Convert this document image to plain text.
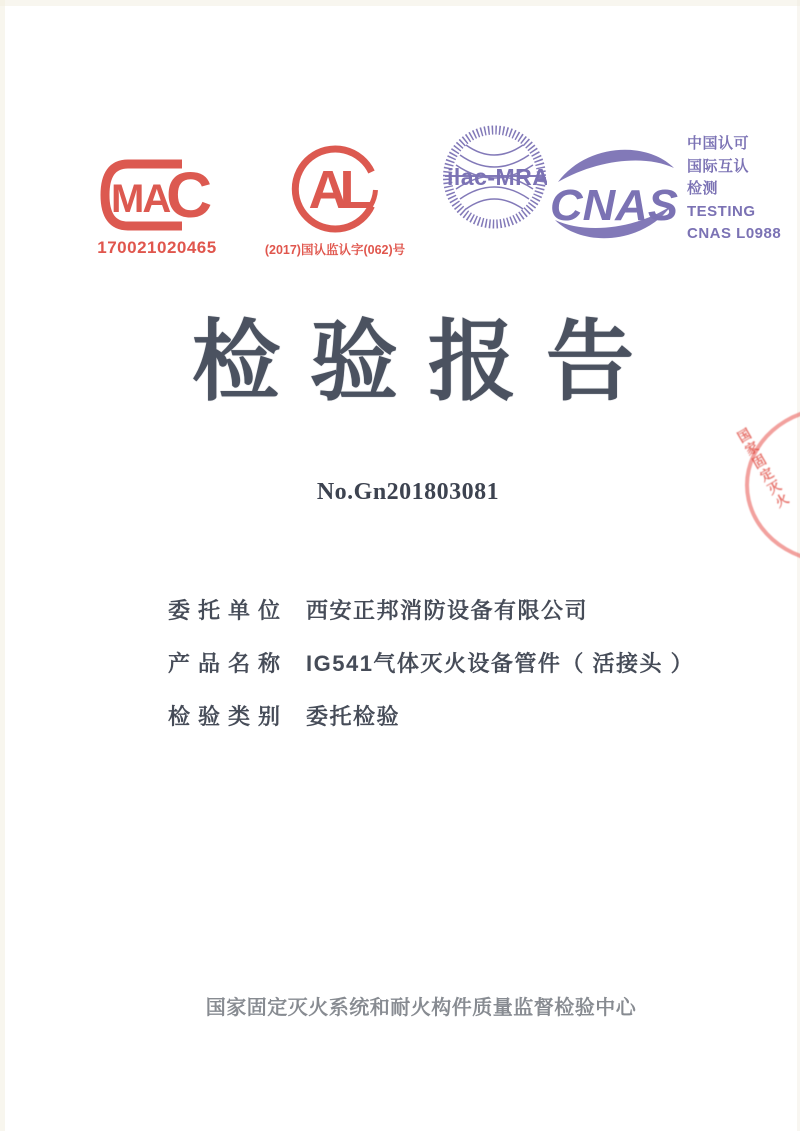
MA
C
170021020465
AL
(2017)国认监认字(062)号
ilac-MRA
CNAS
中国认可
国际互认
检测
TESTING
CNAS L0988
检验报告
No.Gn201803081
委托单位 西安正邦消防设备有限公司
产品名称 IG541气体灭火设备管件（ 活接头 ）
检验类别 委托检验
国家固定灭火
国家固定灭火系统和耐火构件质量监督检验中心
